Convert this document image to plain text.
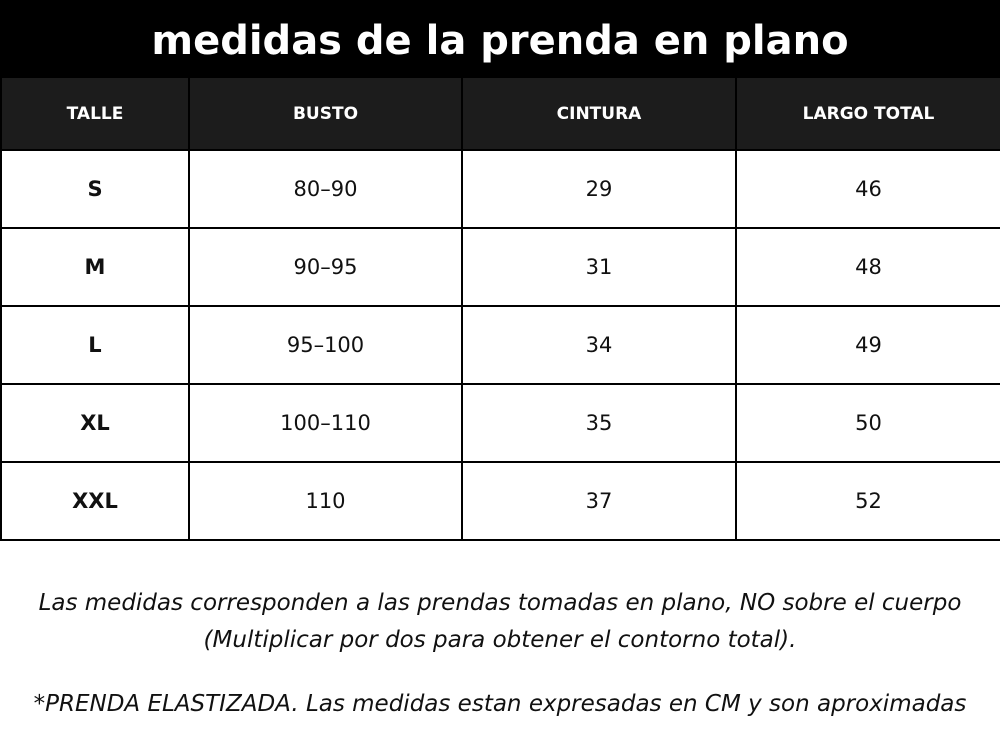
medidas de la prenda en plano
TALLE	BUSTO	CINTURA	LARGO TOTAL
S	80–90	29	46
M	90–95	31	48
L	95–100	34	49
XL	100–110	35	50
XXL	110	37	52
Las medidas corresponden a las prendas tomadas en plano, NO sobre el cuerpo
(Multiplicar por dos para obtener el contorno total).
*PRENDA ELASTIZADA. Las medidas estan expresadas en CM y son aproximadas
